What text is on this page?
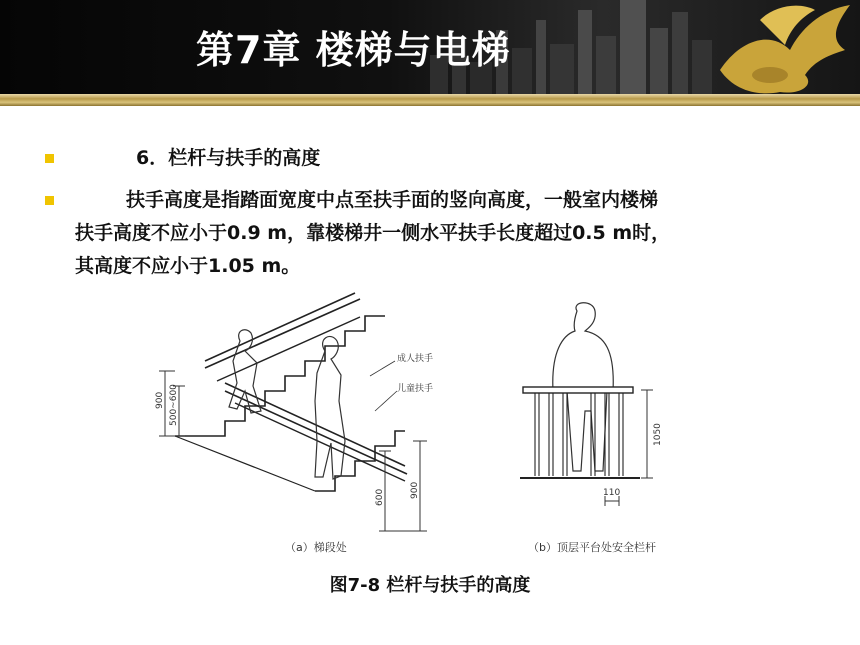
第7章 楼梯与电梯
6．栏杆与扶手的高度
扶手高度是指踏面宽度中点至扶手面的竖向高度，一般室内楼梯
扶手高度不应小于0.9 m，靠楼梯井一侧水平扶手长度超过0.5 m时，
其高度不应小于1.05 m。
900 500~600
600	900
成人扶手
儿童扶手
（a）梯段处
1050
110
（b）顶层平台处安全栏杆
图7-8 栏杆与扶手的高度
